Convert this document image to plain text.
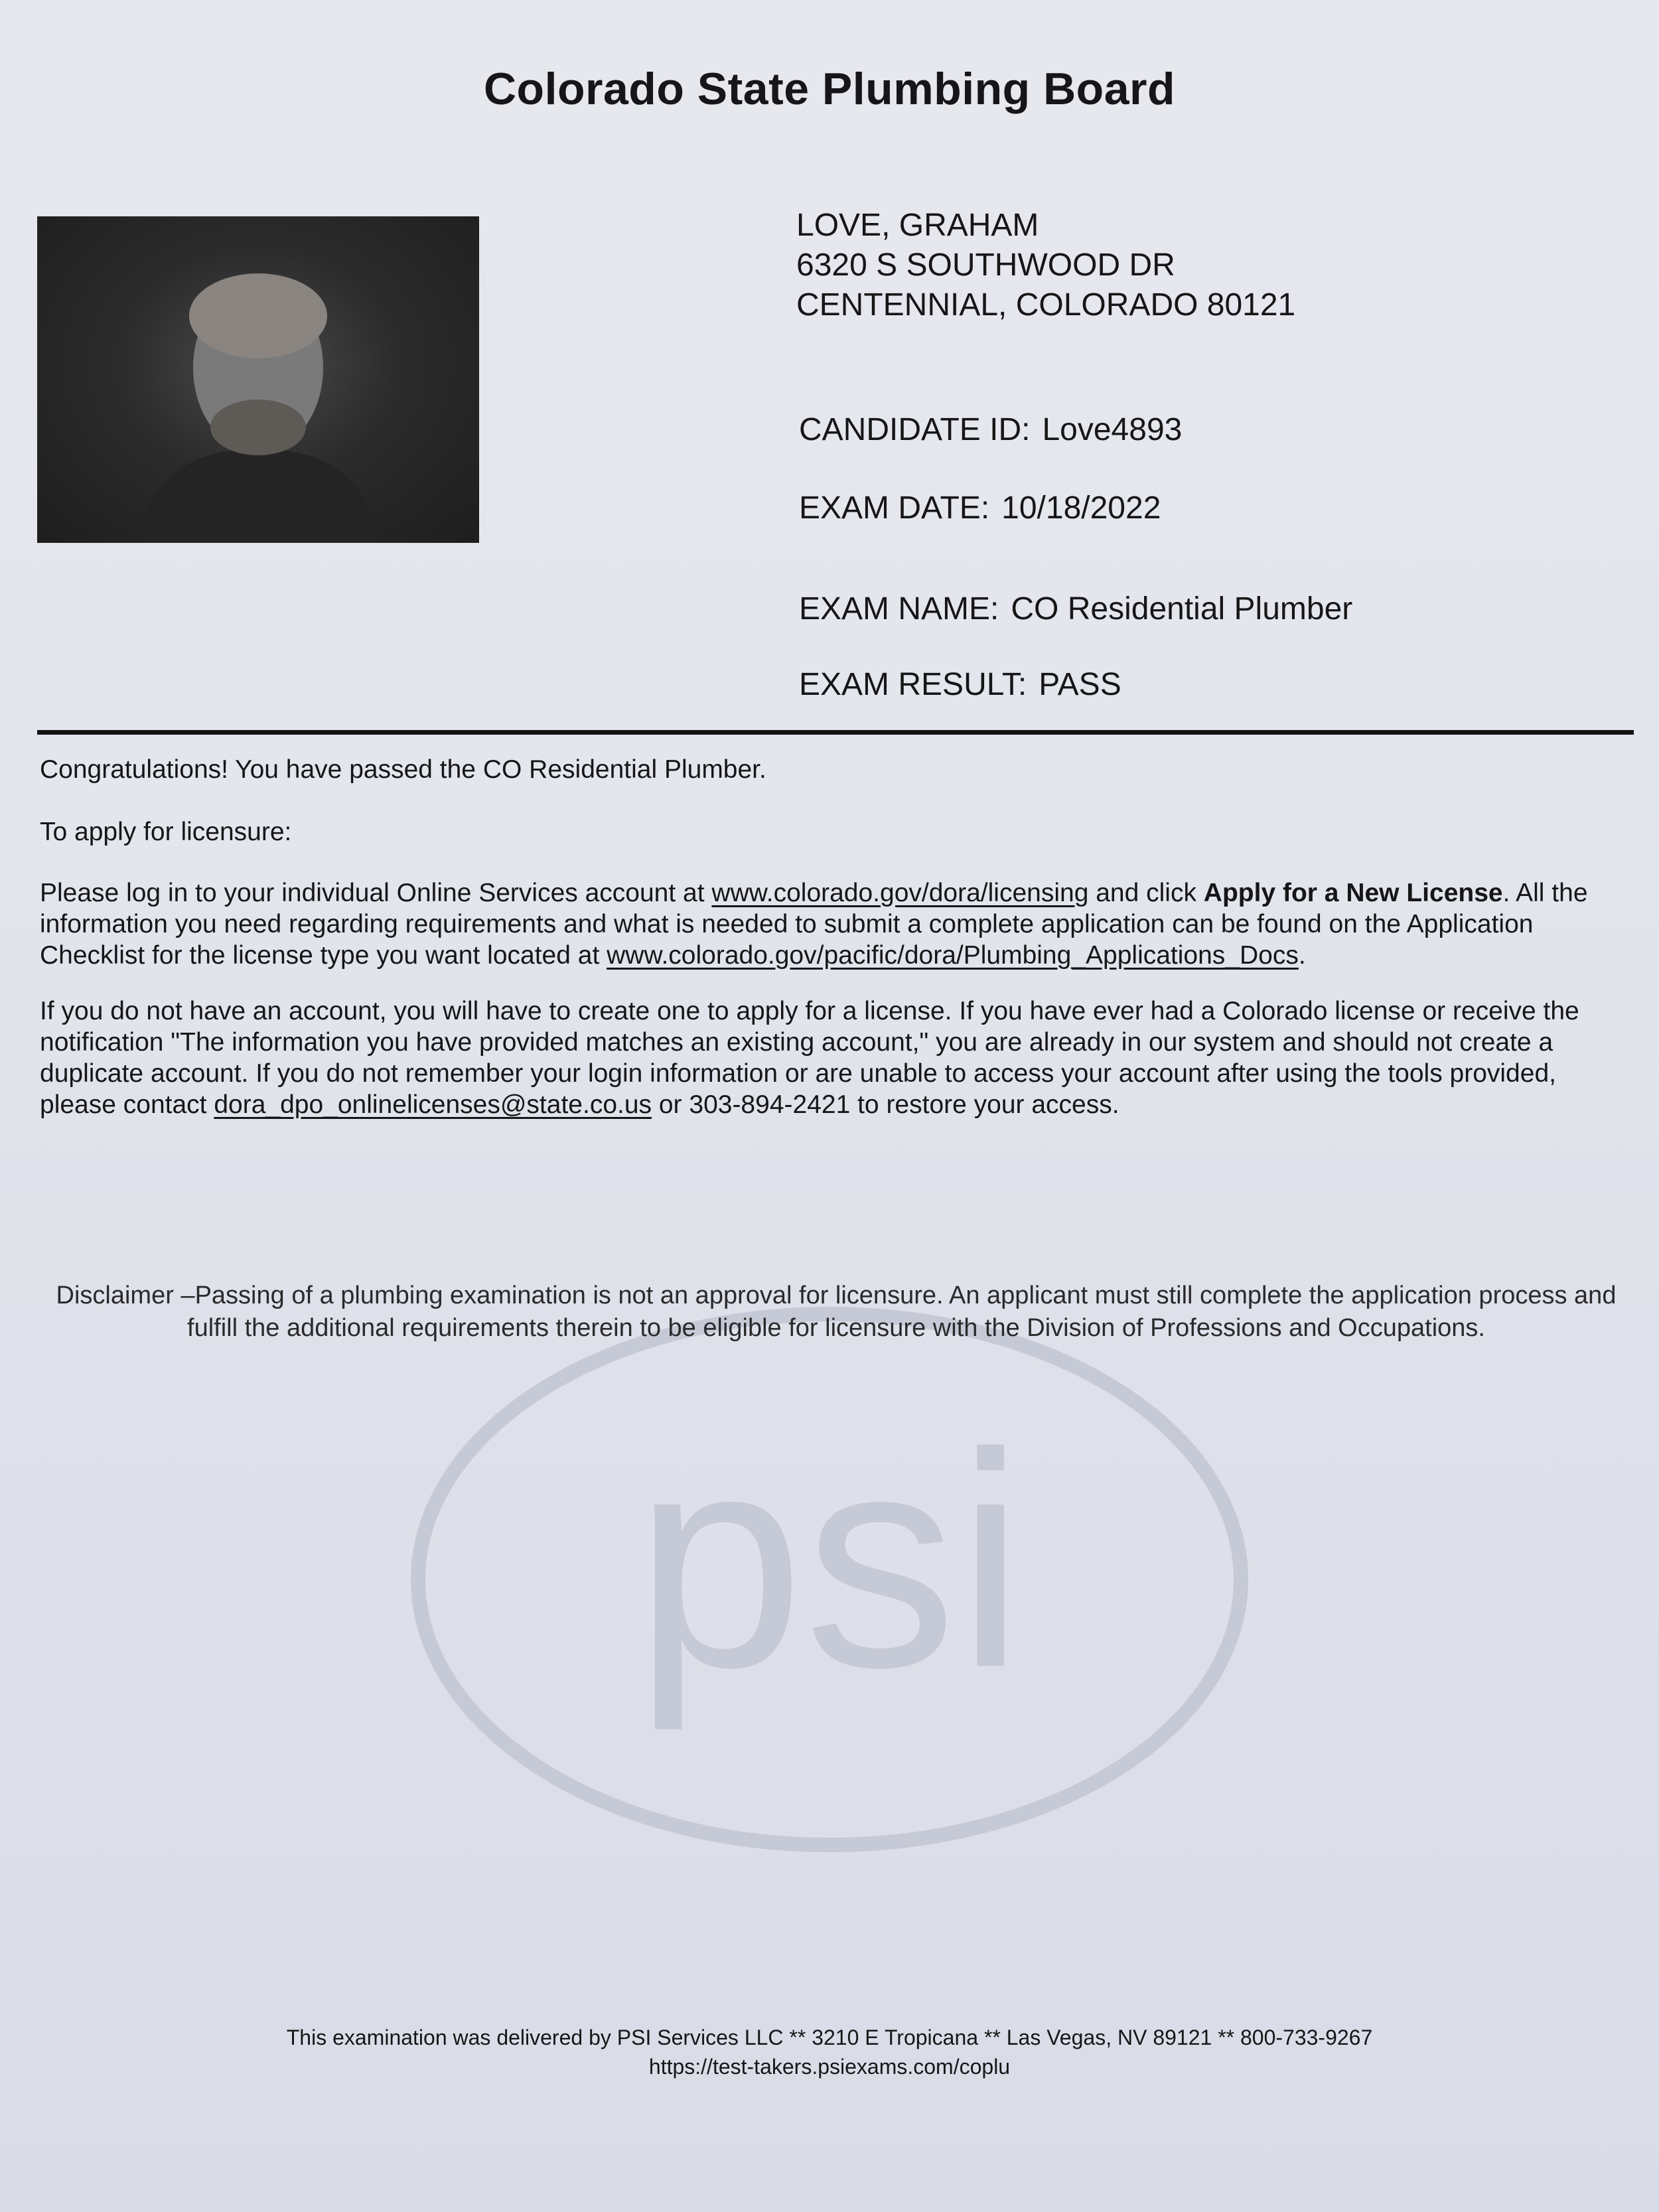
psi
Colorado State Plumbing Board
LOVE, GRAHAM
6320 S SOUTHWOOD DR
CENTENNIAL, COLORADO 80121
CANDIDATE ID: Love4893
EXAM DATE: 10/18/2022
EXAM NAME: CO Residential Plumber
EXAM RESULT: PASS

Congratulations! You have passed the CO Residential Plumber.

To apply for licensure:

Please log in to your individual Online Services account at www.colorado.gov/dora/licensing and click Apply for a New License. All the information you need regarding requirements and what is needed to submit a complete application can be found on the Application Checklist for the license type you want located at www.colorado.gov/pacific/dora/Plumbing_Applications_Docs.

If you do not have an account, you will have to create one to apply for a license. If you have ever had a Colorado license or receive the notification "The information you have provided matches an existing account," you are already in our system and should not create a duplicate account. If you do not remember your login information or are unable to access your account after using the tools provided, please contact dora_dpo_onlinelicenses@state.co.us or 303-894-2421 to restore your access.

Disclaimer –Passing of a plumbing examination is not an approval for licensure. An applicant must still complete the application process and fulfill the additional requirements therein to be eligible for licensure with the Division of Professions and Occupations.
This examination was delivered by PSI Services LLC ** 3210 E Tropicana ** Las Vegas, NV 89121 ** 800-733-9267
https://test-takers.psiexams.com/coplu
